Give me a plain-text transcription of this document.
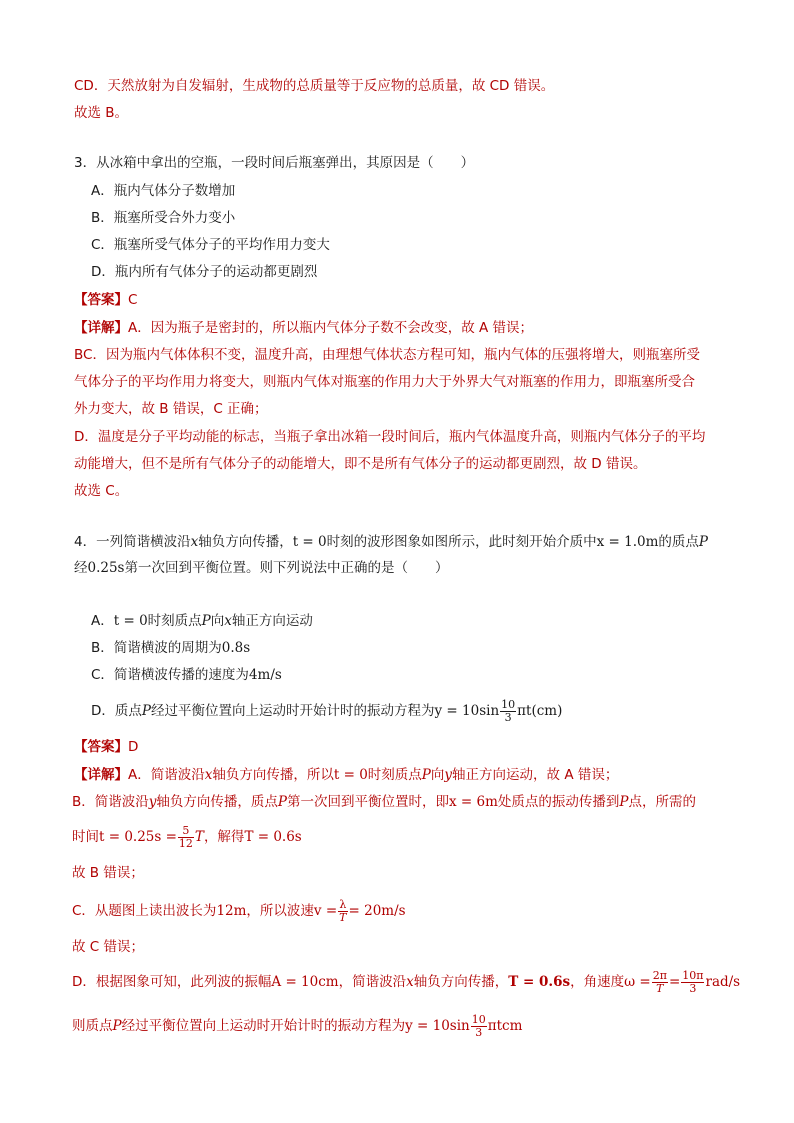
CD．天然放射为自发辐射，生成物的总质量等于反应物的总质量，故 CD 错误。
故选 B。
3．从冰箱中拿出的空瓶，一段时间后瓶塞弹出，其原因是（　　）
A．瓶内气体分子数增加
B．瓶塞所受合外力变小
C．瓶塞所受气体分子的平均作用力变大
D．瓶内所有气体分子的运动都更剧烈
【答案】C
【详解】A．因为瓶子是密封的，所以瓶内气体分子数不会改变，故 A 错误；
BC．因为瓶内气体体积不变，温度升高，由理想气体状态方程可知，瓶内气体的压强将增大，则瓶塞所受
气体分子的平均作用力将变大，则瓶内气体对瓶塞的作用力大于外界大气对瓶塞的作用力，即瓶塞所受合
外力变大，故 B 错误，C 正确；
D．温度是分子平均动能的标志，当瓶子拿出冰箱一段时间后，瓶内气体温度升高，则瓶内气体分子的平均
动能增大，但不是所有气体分子的动能增大，即不是所有气体分子的运动都更剧烈，故 D 错误。
故选 C。
4．一列简谐横波沿x轴负方向传播，t = 0时刻的波形图象如图所示，此时刻开始介质中x = 1.0m的质点P
经0.25s第一次回到平衡位置。则下列说法中正确的是（　　）
A．t = 0时刻质点P向x轴正方向运动
B．简谐横波的周期为0.8s
C．简谐横波传播的速度为4m/s
D．质点P经过平衡位置向上运动时开始计时的振动方程为$y = 10\sin \frac{10}{3} \pi t(cm)$
【答案】D
【详解】A．简谐波沿x轴负方向传播，所以t = 0时刻质点P向y轴正方向运动，故 A 错误；
B．简谐波沿y轴负方向传播，质点P第一次回到平衡位置时，即x = 6m处质点的振动传播到P点，所需的
时间$t = 0.25s = \frac{5}{12}$ T，解得T = 0.6s
故 B 错误；
C．从题图上读出波长为12m，所以波速$v = \frac{\lambda}{T} = 20m/s$
故 C 错误；
D．根据图象可知，此列波的振幅A = 10cm，简谐波沿x轴负方向传播，T = 0.6s，角速度$\omega = \frac{2\pi}{T} = \frac{10\pi}{3} rad/s$
则质点P经过平衡位置向上运动时开始计时的振动方程为$y = 10\sin \frac{10}{3}$ πtcm
